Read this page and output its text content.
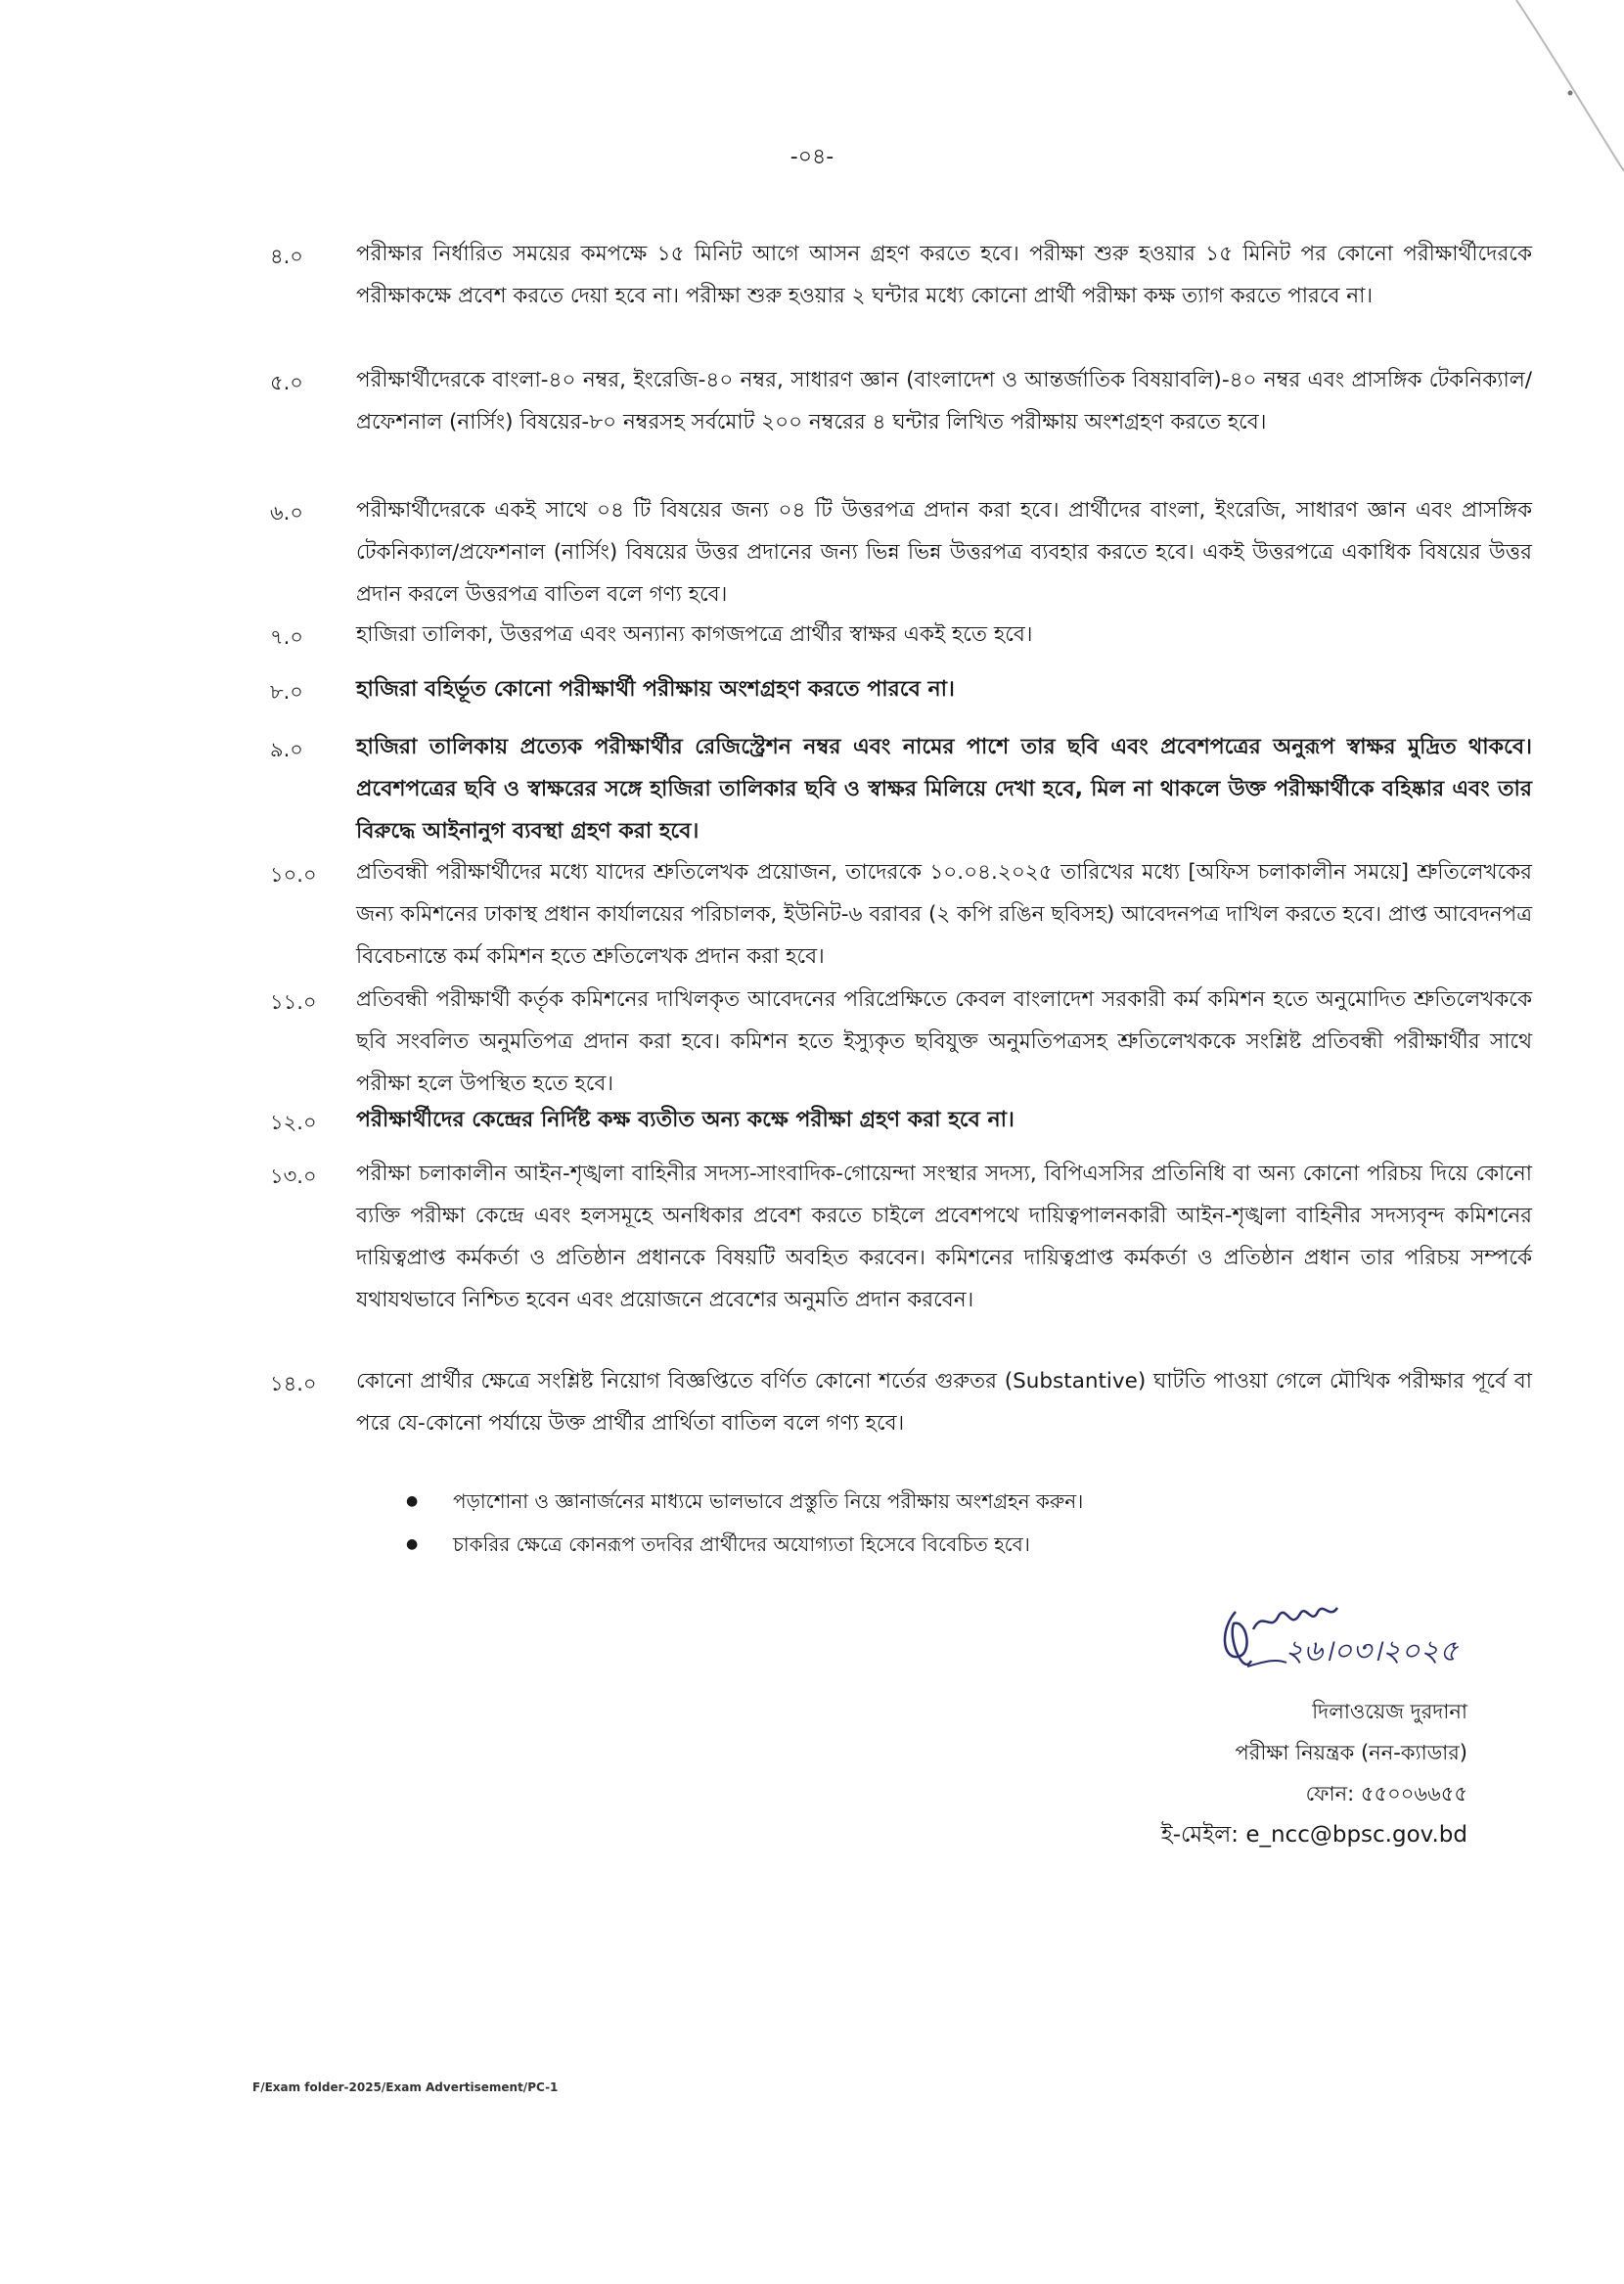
-০৪-
৪.০	পরীক্ষার নির্ধারিত সময়ের কমপক্ষে ১৫ মিনিট আগে আসন গ্রহণ করতে হবে। পরীক্ষা শুরু হওয়ার ১৫ মিনিট পর কোনো পরীক্ষার্থীদেরকে পরীক্ষাকক্ষে প্রবেশ করতে দেয়া হবে না। পরীক্ষা শুরু হওয়ার ২ ঘন্টার মধ্যে কোনো প্রার্থী পরীক্ষা কক্ষ ত্যাগ করতে পারবে না।
৫.০	পরীক্ষার্থীদেরকে বাংলা-৪০ নম্বর, ইংরেজি-৪০ নম্বর, সাধারণ জ্ঞান (বাংলাদেশ ও আন্তর্জাতিক বিষয়াবলি)-৪০ নম্বর এবং প্রাসঙ্গিক টেকনিক্যাল/প্রফেশনাল (নার্সিং) বিষয়ের-৮০ নম্বরসহ সর্বমোট ২০০ নম্বরের ৪ ঘন্টার লিখিত পরীক্ষায় অংশগ্রহণ করতে হবে।
৬.০	পরীক্ষার্থীদেরকে একই সাথে ০৪ টি বিষয়ের জন্য ০৪ টি উত্তরপত্র প্রদান করা হবে। প্রার্থীদের বাংলা, ইংরেজি, সাধারণ জ্ঞান এবং প্রাসঙ্গিক টেকনিক্যাল/প্রফেশনাল (নার্সিং) বিষয়ের উত্তর প্রদানের জন্য ভিন্ন ভিন্ন উত্তরপত্র ব্যবহার করতে হবে। একই উত্তরপত্রে একাধিক বিষয়ের উত্তর প্রদান করলে উত্তরপত্র বাতিল বলে গণ্য হবে।
৭.০	হাজিরা তালিকা, উত্তরপত্র এবং অন্যান্য কাগজপত্রে প্রার্থীর স্বাক্ষর একই হতে হবে।
৮.০ হাজিরা বহির্ভূত কোনো পরীক্ষার্থী পরীক্ষায় অংশগ্রহণ করতে পারবে না।
৯.০ হাজিরা তালিকায় প্রত্যেক পরীক্ষার্থীর রেজিস্ট্রেশন নম্বর এবং নামের পাশে তার ছবি এবং প্রবেশপত্রের অনুরূপ স্বাক্ষর মুদ্রিত থাকবে। প্রবেশপত্রের ছবি ও স্বাক্ষরের সঙ্গে হাজিরা তালিকার ছবি ও স্বাক্ষর মিলিয়ে দেখা হবে, মিল না থাকলে উক্ত পরীক্ষার্থীকে বহিষ্কার এবং তার বিরুদ্ধে আইনানুগ ব্যবস্থা গ্রহণ করা হবে।
১০.০ প্রতিবন্ধী পরীক্ষার্থীদের মধ্যে যাদের শ্রুতিলেখক প্রয়োজন, তাদেরকে ১০.০৪.২০২৫ তারিখের মধ্যে [অফিস চলাকালীন সময়ে] শ্রুতিলেখকের জন্য কমিশনের ঢাকাস্থ প্রধান কার্যালয়ের পরিচালক, ইউনিট-৬ বরাবর (২ কপি রঙিন ছবিসহ) আবেদনপত্র দাখিল করতে হবে। প্রাপ্ত আবেদনপত্র বিবেচনান্তে কর্ম কমিশন হতে শ্রুতিলেখক প্রদান করা হবে।
১১.০ প্রতিবন্ধী পরীক্ষার্থী কর্তৃক কমিশনের দাখিলকৃত আবেদনের পরিপ্রেক্ষিতে কেবল বাংলাদেশ সরকারী কর্ম কমিশন হতে অনুমোদিত শ্রুতিলেখককে ছবি সংবলিত অনুমতিপত্র প্রদান করা হবে। কমিশন হতে ইস্যুকৃত ছবিযুক্ত অনুমতিপত্রসহ শ্রুতিলেখককে সংশ্লিষ্ট প্রতিবন্ধী পরীক্ষার্থীর সাথে পরীক্ষা হলে উপস্থিত হতে হবে।
১২.০ পরীক্ষার্থীদের কেন্দ্রের নির্দিষ্ট কক্ষ ব্যতীত অন্য কক্ষে পরীক্ষা গ্রহণ করা হবে না।
১৩.০ পরীক্ষা চলাকালীন আইন-শৃঙ্খলা বাহিনীর সদস্য-সাংবাদিক-গোয়েন্দা সংস্থার সদস্য, বিপিএসসির প্রতিনিধি বা অন্য কোনো পরিচয় দিয়ে কোনো ব্যক্তি পরীক্ষা কেন্দ্রে এবং হলসমূহে অনধিকার প্রবেশ করতে চাইলে প্রবেশপথে দায়িত্বপালনকারী আইন-শৃঙ্খলা বাহিনীর সদস্যবৃন্দ কমিশনের দায়িত্বপ্রাপ্ত কর্মকর্তা ও প্রতিষ্ঠান প্রধানকে বিষয়টি অবহিত করবেন। কমিশনের দায়িত্বপ্রাপ্ত কর্মকর্তা ও প্রতিষ্ঠান প্রধান তার পরিচয় সম্পর্কে যথাযথভাবে নিশ্চিত হবেন এবং প্রয়োজনে প্রবেশের অনুমতি প্রদান করবেন।
১৪.০ কোনো প্রার্থীর ক্ষেত্রে সংশ্লিষ্ট নিয়োগ বিজ্ঞপ্তিতে বর্ণিত কোনো শর্তের গুরুতর (Substantive) ঘাটতি পাওয়া গেলে মৌখিক পরীক্ষার পূর্বে বা পরে যে-কোনো পর্যায়ে উক্ত প্রার্থীর প্রার্থিতা বাতিল বলে গণ্য হবে।
● পড়াশোনা ও জ্ঞানার্জনের মাধ্যমে ভালভাবে প্রস্তুতি নিয়ে পরীক্ষায় অংশগ্রহন করুন।
● চাকরির ক্ষেত্রে কোনরূপ তদবির প্রার্থীদের অযোগ্যতা হিসেবে বিবেচিত হবে।
২৬।০৩।২০২৫
দিলাওয়েজ দুরদানা
পরীক্ষা নিয়ন্ত্রক (নন-ক্যাডার)
ফোন: ৫৫০০৬৬৫৫
ই-মেইল: e_ncc@bpsc.gov.bd
F/Exam folder-2025/Exam Advertisement/PC-1
